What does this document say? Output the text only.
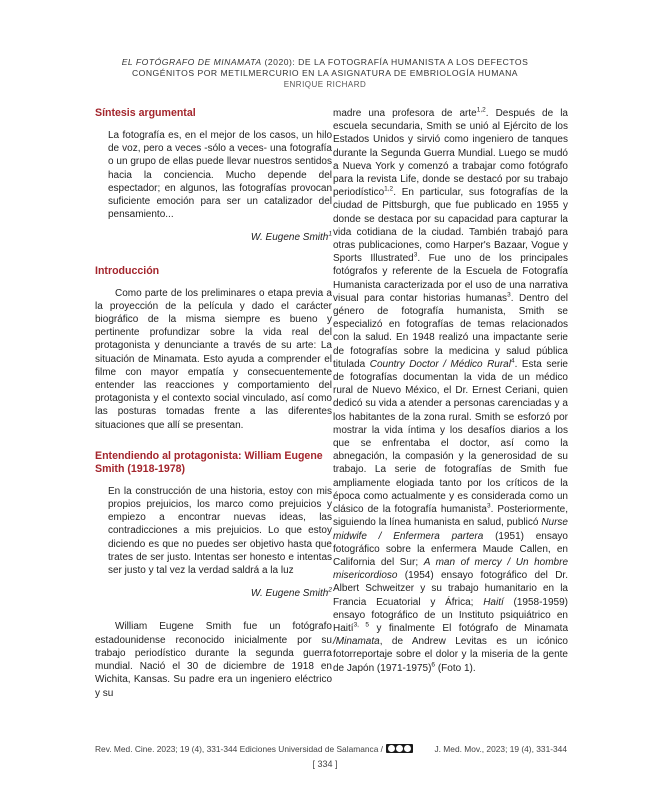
EL FOTÓGRAFO DE MINAMATA (2020): DE LA FOTOGRAFÍA HUMANISTA A LOS DEFECTOS
CONGÉNITOS POR METILMERCURIO EN LA ASIGNATURA DE EMBRIOLOGÍA HUMANA
ENRIQUE RICHARD
Síntesis argumental

La fotografía es, en el mejor de los casos, un hilo de voz, pero a veces -sólo a veces- una fotografía o un grupo de ellas puede llevar nuestros sentidos hacia la conciencia. Mucho depende del espectador; en algunos, las fotografías provocan suficiente emoción para ser un catalizador del pensamiento...

W. Eugene Smith$^1$
Introducción

Como parte de los preliminares o etapa previa a la proyección de la película y dado el carácter biográfico de la misma siempre es bueno y pertinente profundizar sobre la vida real del protagonista y denunciante a través de su arte: La situación de Minamata. Esto ayuda a comprender el filme con mayor empatía y consecuentemente entender las reacciones y comportamiento del protagonista y el contexto social vinculado, así como las posturas tomadas frente a las diferentes situaciones que allí se presentan.

Entendiendo al protagonista: William Eugene Smith (1918-1978)

En la construcción de una historia, estoy con mis propios prejuicios, los marco como prejuicios y empiezo a encontrar nuevas ideas, las contradicciones a mis prejuicios. Lo que estoy diciendo es que no puedes ser objetivo hasta que trates de ser justo. Intentas ser honesto e intentas ser justo y tal vez la verdad saldrá a la luz

W. Eugene Smith$^2$

William Eugene Smith fue un fotógrafo estadounidense reconocido inicialmente por su trabajo periodístico durante la segunda guerra mundial. Nació el 30 de diciembre de 1918 en Wichita, Kansas. Su padre era un ingeniero eléctrico y su

madre una profesora de arte$^{1,2}$. Después de la escuela secundaria, Smith se unió al Ejército de los Estados Unidos y sirvió como ingeniero de tanques durante la Segunda Guerra Mundial. Luego se mudó a Nueva York y comenzó a trabajar como fotógrafo para la revista Life, donde se destacó por su trabajo periodístico$^{1,2}$. En particular, sus fotografías de la ciudad de Pittsburgh, que fue publicado en 1955 y donde se destaca por su capacidad para capturar la vida cotidiana de la ciudad. También trabajó para otras publicaciones, como Harper's Bazaar, Vogue y Sports Illustrated$^3$. Fue uno de los principales fotógrafos y referente de la Escuela de Fotografía Humanista caracterizada por el uso de una narrativa visual para contar historias humanas$^3$. Dentro del género de fotografía humanista, Smith se especializó en fotografías de temas relacionados con la salud. En 1948 realizó una impactante serie de fotografías sobre la medicina y salud pública titulada Country Doctor / Médico Rural$^4$. Esta serie de fotografías documentan la vida de un médico rural de Nuevo México, el Dr. Ernest Ceriani, quien dedicó su vida a atender a personas carenciadas y a los habitantes de la zona rural. Smith se esforzó por mostrar la vida íntima y los desafíos diarios a los que se enfrentaba el doctor, así como la abnegación, la compasión y la generosidad de su trabajo. La serie de fotografías de Smith fue ampliamente elogiada tanto por los críticos de la época como actualmente y es considerada como un clásico de la fotografía humanista$^3$. Posteriormente, siguiendo la línea humanista en salud, publicó Nurse midwife / Enfermera partera (1951) ensayo fotográfico sobre la enfermera Maude Callen, en California del Sur; A man of mercy / Un hombre misericordioso (1954) ensayo fotográfico del Dr. Albert Schweitzer y su trabajo humanitario en la Francia Ecuatorial y África; Haití (1958-1959) ensayo fotográfico de un Instituto psiquiátrico en Haití$^{3, 5}$ y finalmente El fotógrafo de Minamata /Minamata, de Andrew Levitas es un icónico fotorreportaje sobre el dolor y la miseria de la gente de Japón (1971-1975)$^6$ (Foto 1).

Rev. Med. Cine. 2023; 19 (4), 331-344 Ediciones Universidad de Salamanca /	J. Med. Mov., 2023; 19 (4), 331-344
[ 334 ]
